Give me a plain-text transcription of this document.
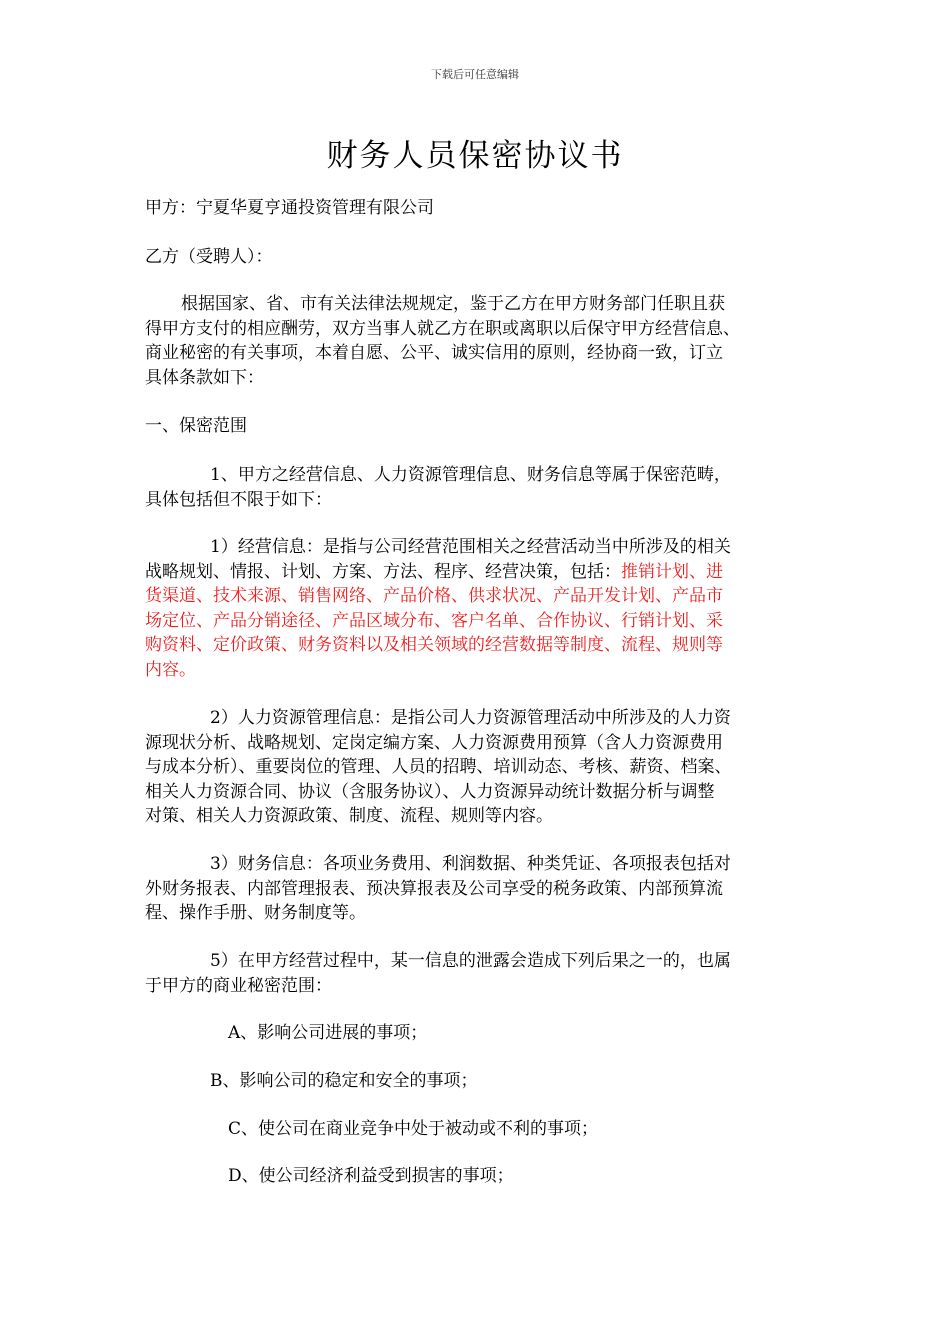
下载后可任意编辑
财务人员保密协议书
甲方：宁夏华夏亨通投资管理有限公司
乙方（受聘人）：
根据国家、省、市有关法律法规规定，鉴于乙方在甲方财务部门任职且获
得甲方支付的相应酬劳，双方当事人就乙方在职或离职以后保守甲方经营信息、
商业秘密的有关事项，本着自愿、公平、诚实信用的原则，经协商一致，订立
具体条款如下：
一、保密范围
1、甲方之经营信息、人力资源管理信息、财务信息等属于保密范畴，
具体包括但不限于如下：
1）经营信息：是指与公司经营范围相关之经营活动当中所涉及的相关
战略规划、情报、计划、方案、方法、程序、经营决策，包括：推销计划、进
货渠道、技术来源、销售网络、产品价格、供求状况、产品开发计划、产品市
场定位、产品分销途径、产品区域分布、客户名单、合作协议、行销计划、采
购资料、定价政策、财务资料以及相关领域的经营数据等制度、流程、规则等
内容。
2）人力资源管理信息：是指公司人力资源管理活动中所涉及的人力资
源现状分析、战略规划、定岗定编方案、人力资源费用预算（含人力资源费用
与成本分析）、重要岗位的管理、人员的招聘、培训动态、考核、薪资、档案、
相关人力资源合同、协议（含服务协议）、人力资源异动统计数据分析与调整
对策、相关人力资源政策、制度、流程、规则等内容。
3）财务信息：各项业务费用、利润数据、种类凭证、各项报表包括对
外财务报表、内部管理报表、预决算报表及公司享受的税务政策、内部预算流
程、操作手册、财务制度等。
5）在甲方经营过程中，某一信息的泄露会造成下列后果之一的，也属
于甲方的商业秘密范围：
A、影响公司进展的事项；
B、影响公司的稳定和安全的事项；
C、使公司在商业竞争中处于被动或不利的事项；
D、使公司经济利益受到损害的事项；
